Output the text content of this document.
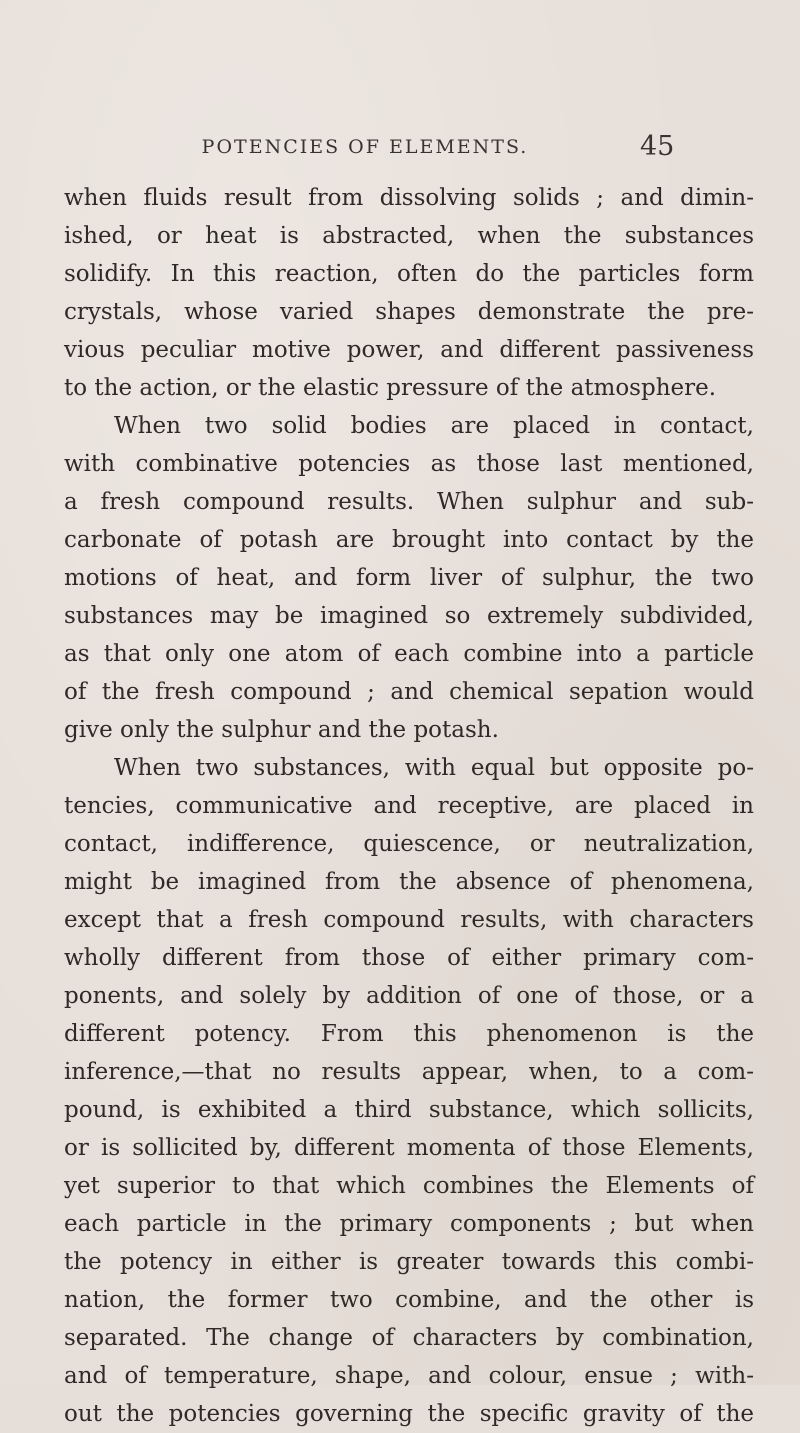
POTENCIES OF ELEMENTS.	45
when fluids result from dissolving solids ; and dimin-
ished, or heat is abstracted, when the substances
solidify. In this reaction, often do the particles form
crystals, whose varied shapes demonstrate the pre-
vious peculiar motive power, and different passiveness
to the action, or the elastic pressure of the atmosphere.
When two solid bodies are placed in contact,
with combinative potencies as those last mentioned,
a fresh compound results. When sulphur and sub-
carbonate of potash are brought into contact by the
motions of heat, and form liver of sulphur, the two
substances may be imagined so extremely subdivided,
as that only one atom of each combine into a particle
of the fresh compound ; and chemical sepation would
give only the sulphur and the potash.
When two substances, with equal but opposite po-
tencies, communicative and receptive, are placed in
contact, indifference, quiescence, or neutralization,
might be imagined from the absence of phenomena,
except that a fresh compound results, with characters
wholly different from those of either primary com-
ponents, and solely by addition of one of those, or a
different potency. From this phenomenon is the
inference,—that no results appear, when, to a com-
pound, is exhibited a third substance, which sollicits,
or is sollicited by, different momenta of those Elements,
yet superior to that which combines the Elements of
each particle in the primary components ; but when
the potency in either is greater towards this combi-
nation, the former two combine, and the other is
separated. The change of characters by combination,
and of temperature, shape, and colour, ensue ; with-
out the potencies governing the specific gravity of the
